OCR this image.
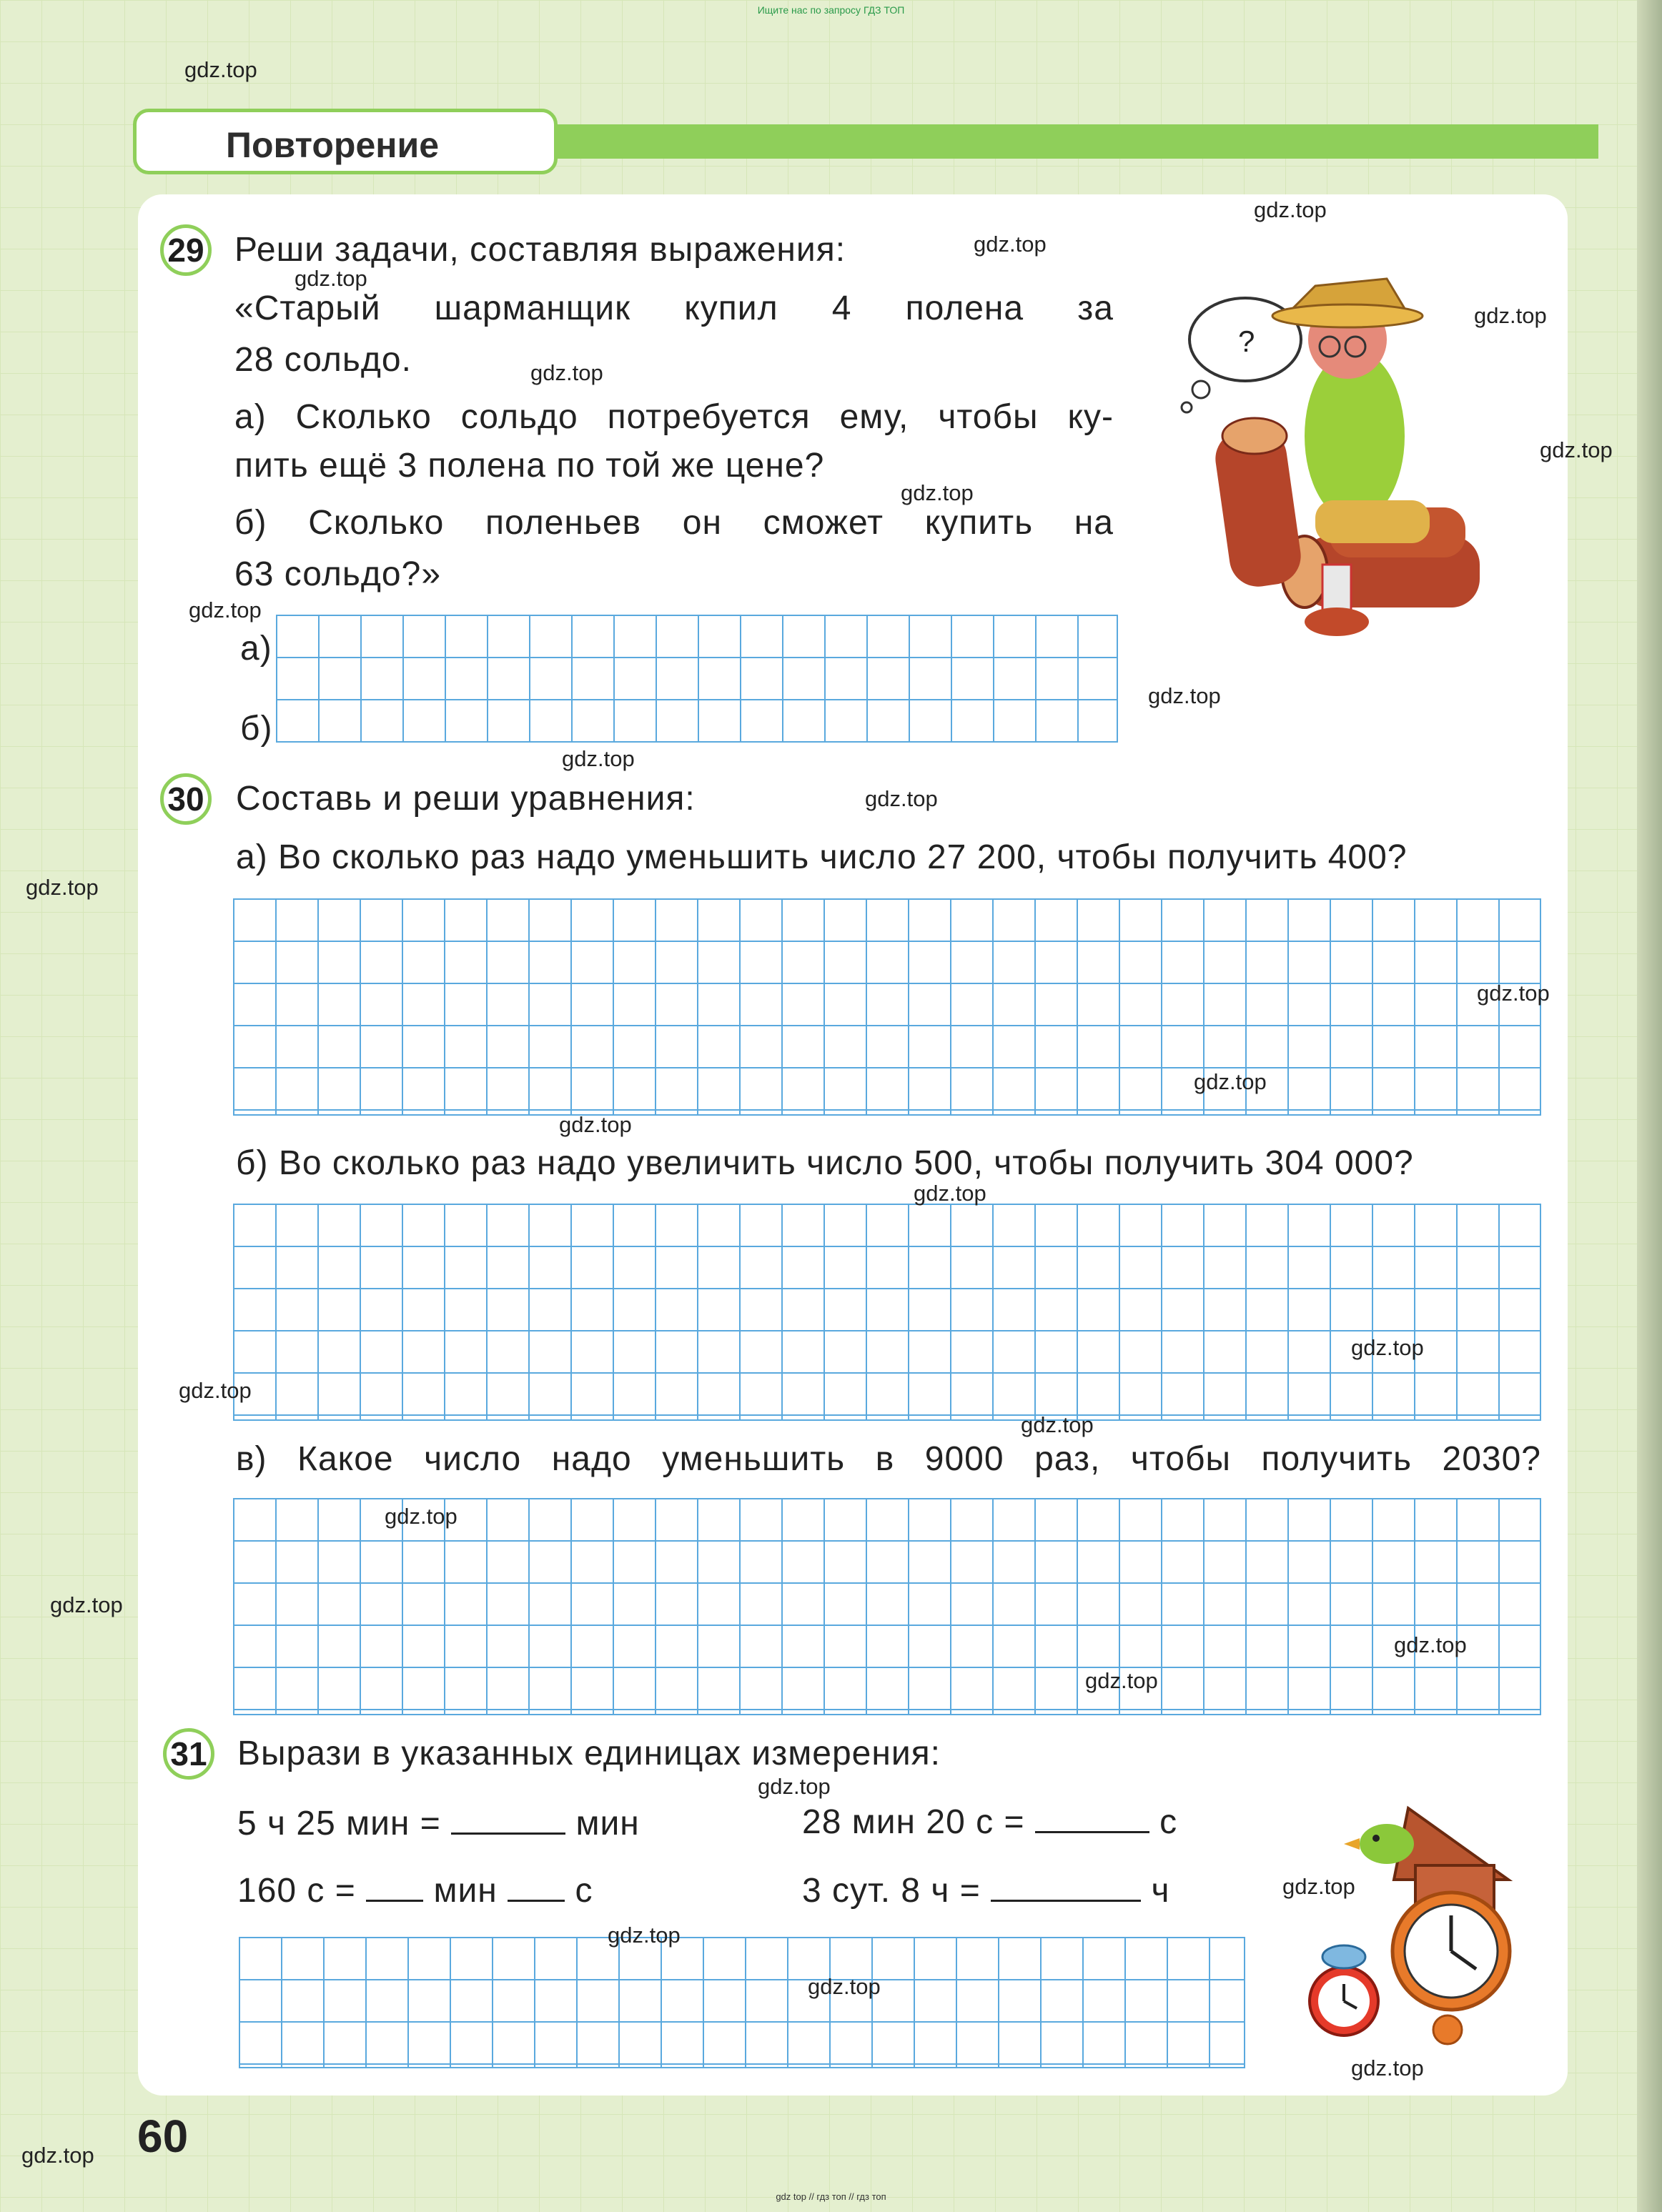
Ищите нас по запросу ГДЗ ТОП
Повторение
29 Реши задачи, составляя выражения:
«Старый шарманщик купил 4 полена за
28 сольдо.
а) Сколько сольдо потребуется ему, чтобы ку-
пить ещё 3 полена по той же цене?
б) Сколько поленьев он сможет купить на
63 сольдо?»
а)
б)
?
30 Составь и реши уравнения:
а) Во сколько раз надо уменьшить число 27 200, чтобы получить 400?
б) Во сколько раз надо увеличить число 500, чтобы получить 304 000?
в) Какое число надо уменьшить в 9000 раз, чтобы получить 2030?
31 Вырази в указанных единицах измерения:
5 ч 25 мин =	мин	28 мин 20 с =	с
160 с = мин с	3 сут. 8 ч =	ч
60
gdz.top
gdz.top
gdz.top
gdz.top
gdz.top
gdz.top
gdz.top
gdz.top
gdz.top
gdz.top
gdz.top
gdz.top
gdz.top
gdz.top
gdz.top
gdz.top
gdz.top
gdz.top
gdz.top
gdz.top
gdz.top
gdz.top
gdz.top
gdz.top
gdz.top
gdz.top
gdz.top
gdz.top
gdz.top
gdz.top
gdz top // гдз топ // гдз топ
